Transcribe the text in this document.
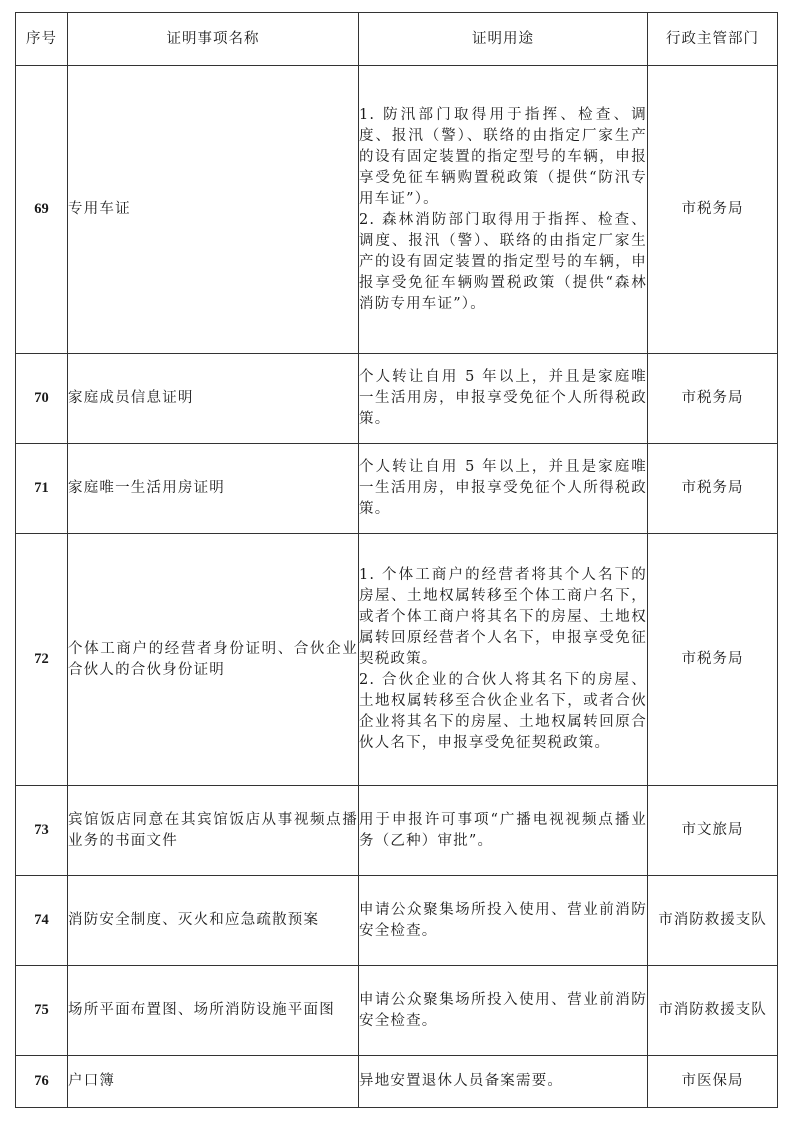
序号	证明事项名称	证明用途	行政主管部门
69	专用车证	1. 防汛部门取得用于指挥、检查、调度、报汛（警）、联络的由指定厂家生产的设有固定装置的指定型号的车辆，申报享受免征车辆购置税政策（提供“防汛专用车证”）。
2. 森林消防部门取得用于指挥、检查、调度、报汛（警）、联络的由指定厂家生产的设有固定装置的指定型号的车辆，申报享受免征车辆购置税政策（提供“森林消防专用车证”）。	市税务局
70	家庭成员信息证明	个人转让自用 5 年以上，并且是家庭唯一生活用房，申报享受免征个人所得税政策。	市税务局
71	家庭唯一生活用房证明	个人转让自用 5 年以上，并且是家庭唯一生活用房，申报享受免征个人所得税政策。	市税务局
72	个体工商户的经营者身份证明、合伙企业合伙人的合伙身份证明	1. 个体工商户的经营者将其个人名下的房屋、土地权属转移至个体工商户名下，或者个体工商户将其名下的房屋、土地权属转回原经营者个人名下，申报享受免征契税政策。
2. 合伙企业的合伙人将其名下的房屋、土地权属转移至合伙企业名下，或者合伙企业将其名下的房屋、土地权属转回原合伙人名下，申报享受免征契税政策。	市税务局
73	宾馆饭店同意在其宾馆饭店从事视频点播业务的书面文件	用于申报许可事项“广播电视视频点播业务（乙种）审批”。	市文旅局
74	消防安全制度、灭火和应急疏散预案	申请公众聚集场所投入使用、营业前消防安全检查。	市消防救援支队
75	场所平面布置图、场所消防设施平面图	申请公众聚集场所投入使用、营业前消防安全检查。	市消防救援支队
76	户口簿	异地安置退休人员备案需要。	市医保局
